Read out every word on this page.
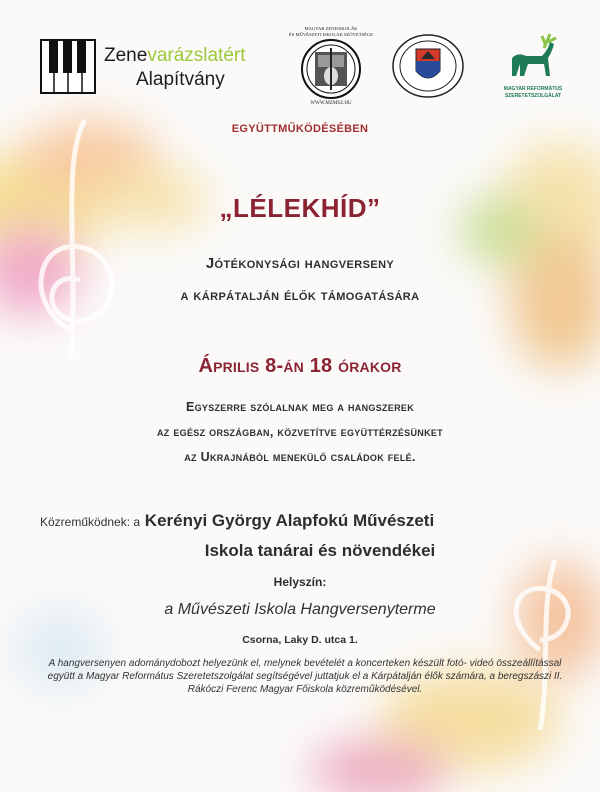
Zenevarázslatért
Alapítvány
MAGYAR ZENEISKOLÁK
ÉS MŰVÉSZETI ISKOLÁK SZÖVETSÉGE
WWW.MZMSZ.HU
MAGYAR REFORMÁTUS
SZERETETSZOLGÁLAT
EGYÜTTMŰKÖDÉSÉBEN
„LÉLEKHÍD”
Jótékonysági hangverseny
a kárpátalján élők támogatására
Április 8-án 18 órakor
Egyszerre szólalnak meg a hangszerek
az egész országban, közvetítve együttérzésünket
az Ukrajnából menekülő családok felé.
Közreműködnek: a Kerényi György Alapfokú Művészeti
Iskola tanárai és növendékei
Helyszín:
a Művészeti Iskola Hangversenyterme
Csorna, Laky D. utca 1.
A hangversenyen adománydobozt helyezünk el, melynek bevételét a koncerteken készült fotó- videó összeállítással együtt a Magyar Református Szeretetszolgálat segítségével juttatjuk el a Kárpátalján élők számára, a beregszászi II. Rákóczi Ferenc Magyar Főiskola közreműködésével.
